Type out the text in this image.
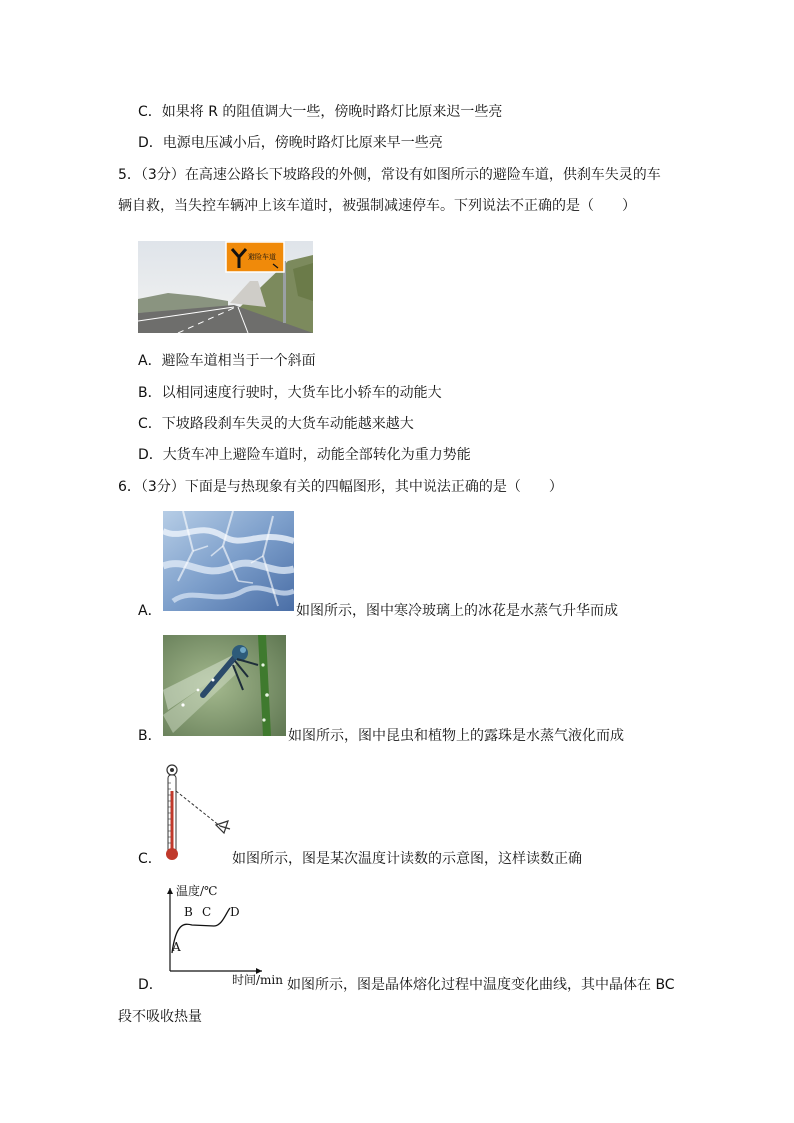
C．如果将 R 的阻值调大一些，傍晚时路灯比原来迟一些亮
D．电源电压减小后，傍晚时路灯比原来早一些亮
5．（3分）在高速公路长下坡路段的外侧，常设有如图所示的避险车道，供刹车失灵的车
辆自救，当失控车辆冲上该车道时，被强制减速停车。下列说法不正确的是（　　）
避险车道
A．避险车道相当于一个斜面
B．以相同速度行驶时，大货车比小轿车的动能大
C．下坡路段刹车失灵的大货车动能越来越大
D．大货车冲上避险车道时，动能全部转化为重力势能
6．（3分）下面是与热现象有关的四幅图形，其中说法正确的是（　　）
A．	如图所示，图中寒冷玻璃上的冰花是水蒸气升华而成
B．	如图所示，图中昆虫和植物上的露珠是水蒸气液化而成
C．	如图所示，图是某次温度计读数的示意图，这样读数正确
温度/℃
B C D
A
时间/min
D．	如图所示，图是晶体熔化过程中温度变化曲线，其中晶体在 BC
段不吸收热量
